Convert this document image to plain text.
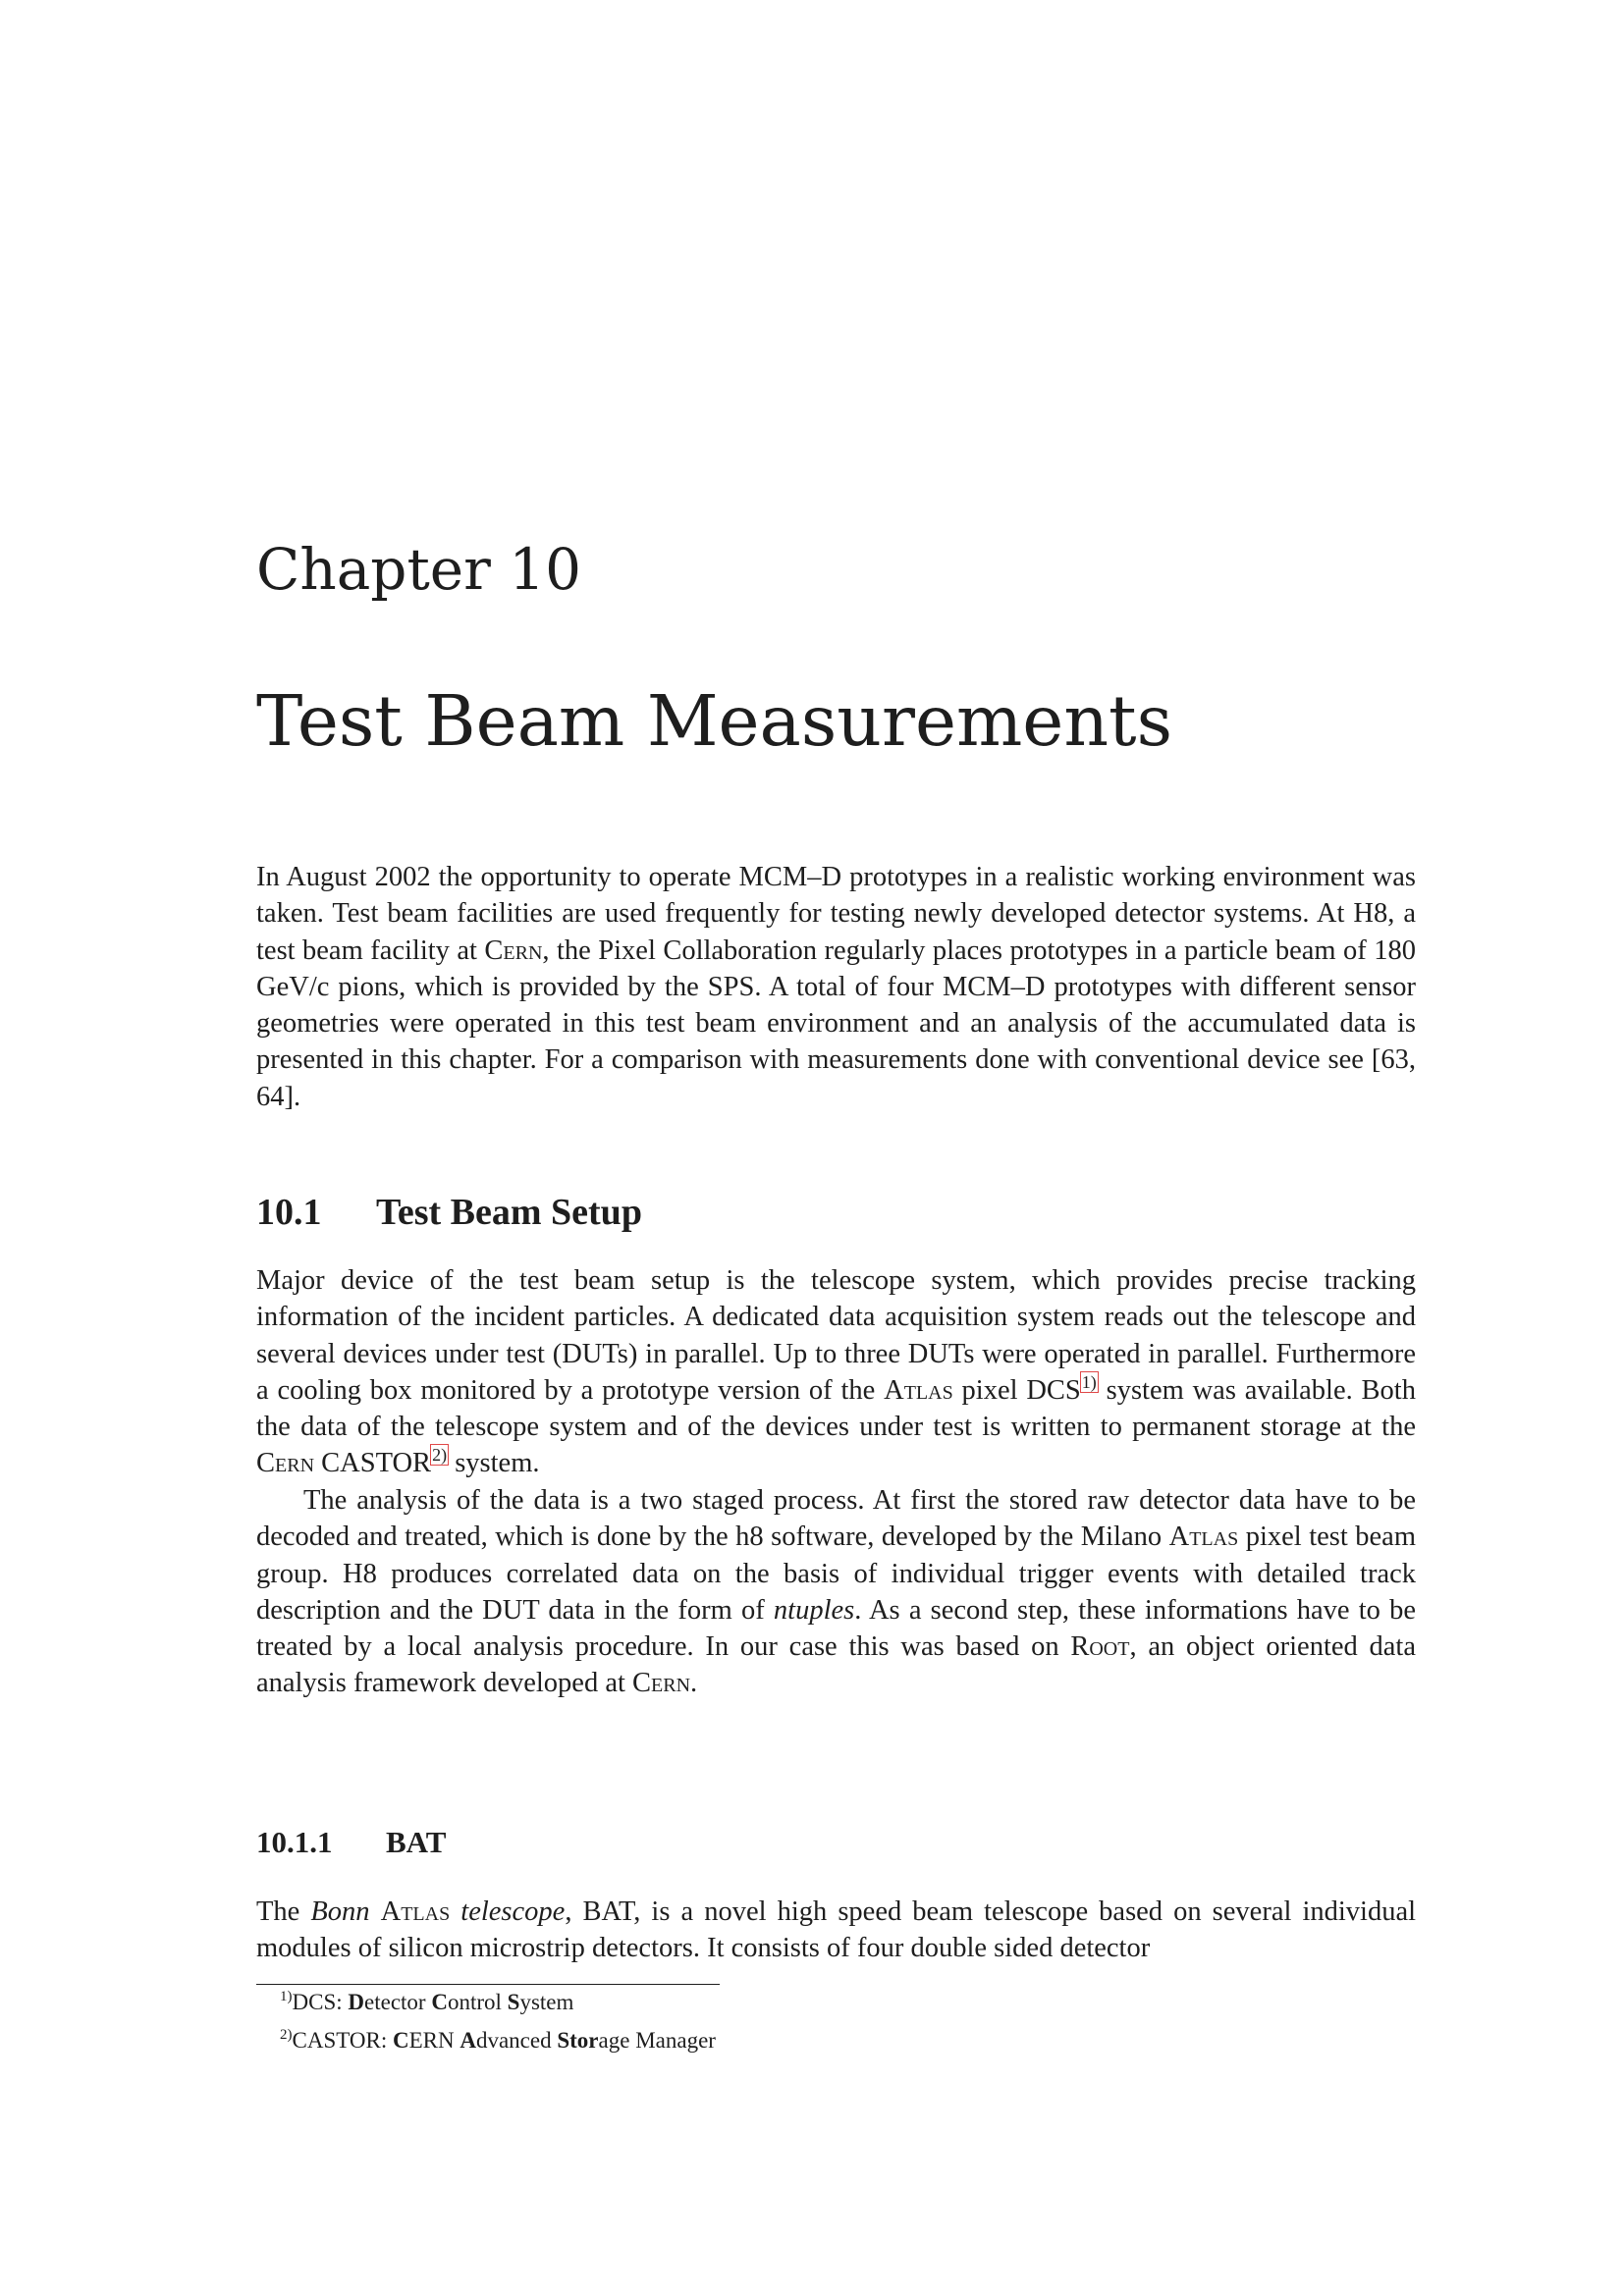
Chapter 10
Test Beam Measurements

In August 2002 the opportunity to operate MCM–D prototypes in a realistic working environment was taken. Test beam facilities are used frequently for testing newly developed detector systems. At H8, a test beam facility at Cern, the Pixel Collaboration regularly places prototypes in a particle beam of 180 GeV/c pions, which is provided by the SPS. A total of four MCM–D prototypes with different sensor geometries were operated in this test beam environment and an analysis of the accumulated data is presented in this chapter. For a comparison with measurements done with conventional device see [63, 64].

10.1 Test Beam Setup

Major device of the test beam setup is the telescope system, which provides precise tracking information of the incident particles. A dedicated data acquisition system reads out the telescope and several devices under test (DUTs) in parallel. Up to three DUTs were operated in parallel. Furthermore a cooling box monitored by a prototype version of the Atlas pixel DCS$^{1)}$ system was available. Both the data of the telescope system and of the devices under test is written to permanent storage at the Cern CASTOR$^{2)}$ system.

The analysis of the data is a two staged process. At first the stored raw detector data have to be decoded and treated, which is done by the h8 software, developed by the Milano Atlas pixel test beam group. H8 produces correlated data on the basis of individual trigger events with detailed track description and the DUT data in the form of ntuples. As a second step, these informations have to be treated by a local analysis procedure. In our case this was based on Root, an object oriented data analysis framework developed at Cern.

10.1.1 BAT

The Bonn Atlas telescope, BAT, is a novel high speed beam telescope based on several individual modules of silicon microstrip detectors. It consists of four double sided detector

$^{1)}$DCS: Detector Control System
$^{2)}$CASTOR: CERN Advanced Storage Manager
